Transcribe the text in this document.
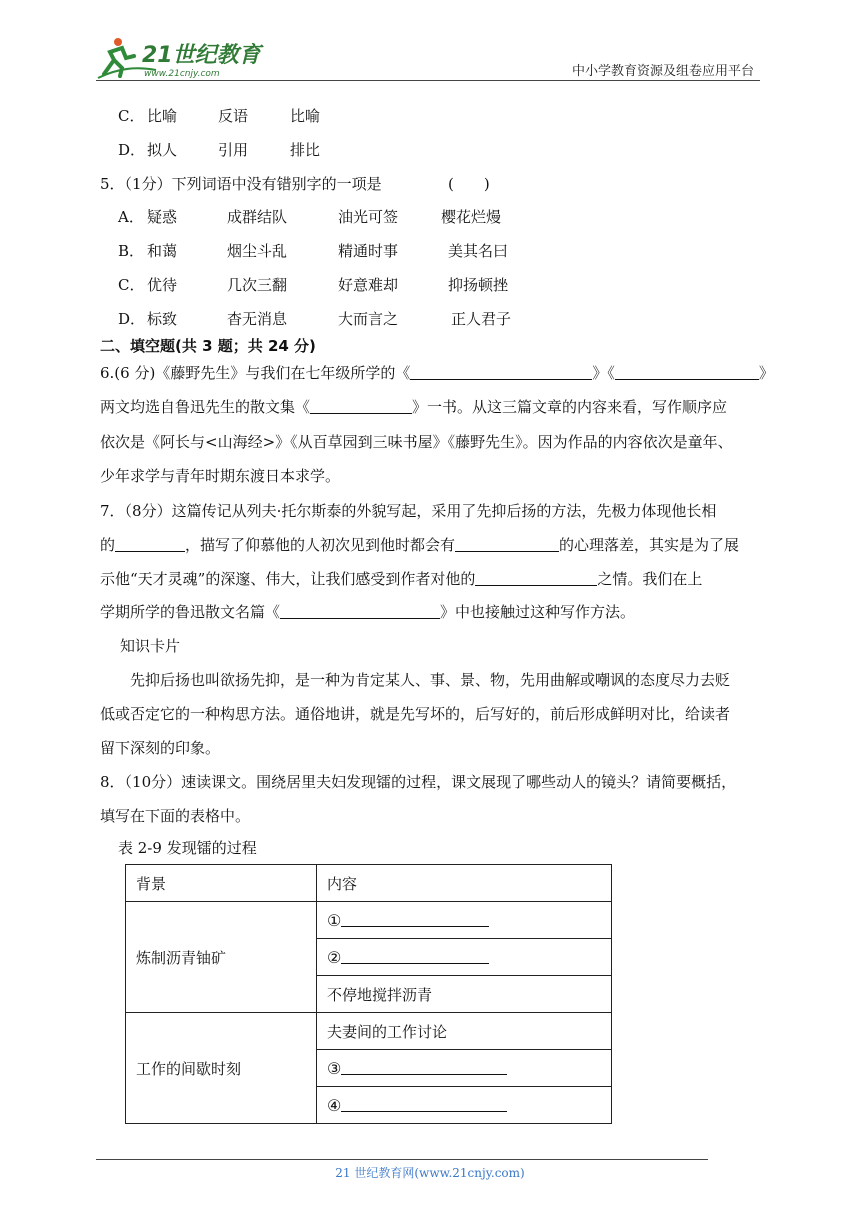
21世纪教育
www.21cnjy.com	中小学教育资源及组卷应用平台
C． 比喻	反语	比喻
D． 拟人	引用	排比
5．（1分）下列词语中没有错别字的一项是	(　　)
A． 疑惑	成群结队	油光可签	樱花烂熳
B． 和蔼	烟尘斗乱	精通时事	美其名曰
C． 优待	几次三翻	好意难却	抑扬顿挫
D． 标致	杳无消息	大而言之	正人君子
二、填空题(共 3 题；共 24 分)
6.(6 分)《藤野先生》与我们在七年级所学的《	》《	》
两文均选自鲁迅先生的散文集《	》一书。从这三篇文章的内容来看，写作顺序应
依次是《阿长与<山海经>》《从百草园到三味书屋》《藤野先生》。因为作品的内容依次是童年、
少年求学与青年时期东渡日本求学。
7．（8分）这篇传记从列夫·托尔斯泰的外貌写起，采用了先抑后扬的方法，先极力体现他长相
的	，描写了仰慕他的人初次见到他时都会有	的心理落差，其实是为了展
示他“天才灵魂”的深邃、伟大，让我们感受到作者对他的	之情。我们在上
学期所学的鲁迅散文名篇《	》中也接触过这种写作方法。
知识卡片
先抑后扬也叫欲扬先抑，是一种为肯定某人、事、景、物，先用曲解或嘲讽的态度尽力去贬
低或否定它的一种构思方法。通俗地讲，就是先写坏的，后写好的，前后形成鲜明对比，给读者
留下深刻的印象。
8．（10分）速读课文。围绕居里夫妇发现镭的过程，课文展现了哪些动人的镜头？请简要概括，
填写在下面的表格中。
表 2-9 发现镭的过程
背景	内容
炼制沥青铀矿	①
	②
	不停地搅拌沥青
工作的间歇时刻	夫妻间的工作讨论
	③
	④
21 世纪教育网(www.21cnjy.com)
